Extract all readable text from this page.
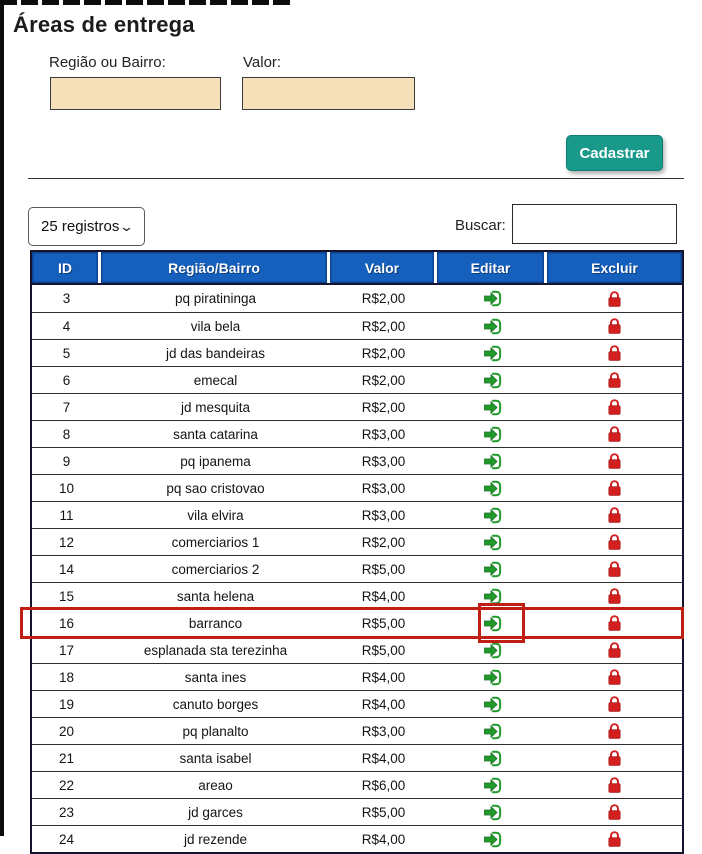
Áreas de entrega
Região ou Bairro:	Valor:
Cadastrar
25 registros ⌄	Buscar:
ID	Região/Bairro	Valor	Editar	Excluir
3	pq piratininga	R$2,00
4	vila bela	R$2,00
5	jd das bandeiras	R$2,00
6	emecal	R$2,00
7	jd mesquita	R$2,00
8	santa catarina	R$3,00
9	pq ipanema	R$3,00
10	pq sao cristovao	R$3,00
11	vila elvira	R$3,00
12	comerciarios 1	R$2,00
14	comerciarios 2	R$5,00
15	santa helena	R$4,00
16	barranco	R$5,00
17	esplanada sta terezinha	R$5,00
18	santa ines	R$4,00
19	canuto borges	R$4,00
20	pq planalto	R$3,00
21	santa isabel	R$4,00
22	areao	R$6,00
23	jd garces	R$5,00
24	jd rezende	R$4,00
